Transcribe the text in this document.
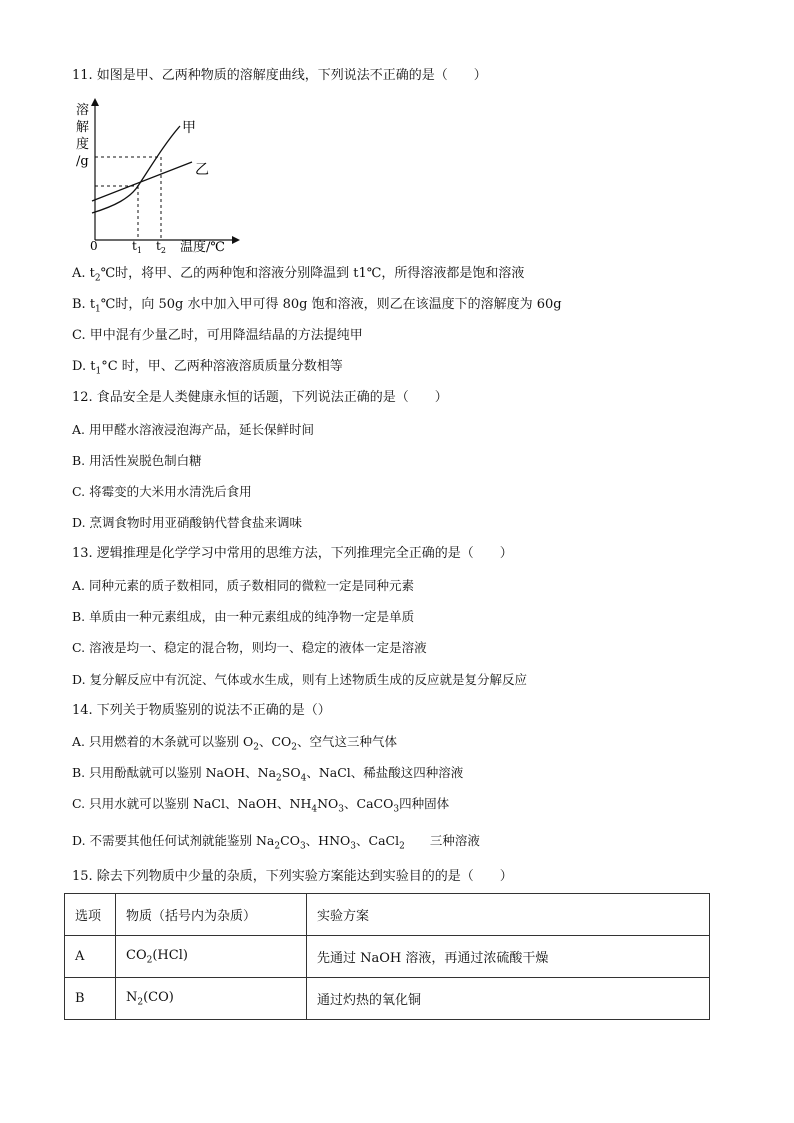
11. 如图是甲、乙两种物质的溶解度曲线，下列说法不正确的是（　　）
溶
解
度
/g
0	$t_1$ $t_2$ 温度/℃
甲
乙
A. $t_2℃$时，将甲、乙的两种饱和溶液分别降温到 t1℃，所得溶液都是饱和溶液
B. $t_1℃$时，向 50g 水中加入甲可得 80g 饱和溶液，则乙在该温度下的溶解度为 60g
C. 甲中混有少量乙时，可用降温结晶的方法提纯甲
D. $t_1^\circ C$ 时，甲、乙两种溶液溶质质量分数相等
12. 食品安全是人类健康永恒的话题，下列说法正确的是（　　）
A. 用甲醛水溶液浸泡海产品，延长保鲜时间
B. 用活性炭脱色制白糖
C. 将霉变的大米用水清洗后食用
D. 烹调食物时用亚硝酸钠代替食盐来调味
13. 逻辑推理是化学学习中常用的思维方法，下列推理完全正确的是（　　）
A. 同种元素的质子数相同，质子数相同的微粒一定是同种元素
B. 单质由一种元素组成，由一种元素组成的纯净物一定是单质
C. 溶液是均一、稳定的混合物，则均一、稳定的液体一定是溶液
D. 复分解反应中有沉淀、气体或水生成，则有上述物质生成的反应就是复分解反应
14. 下列关于物质鉴别的说法不正确的是（）
A. 只用燃着的木条就可以鉴别 $O_2$、$CO_2$、空气这三种气体
B. 只用酚酞就可以鉴别 NaOH、$Na_2SO_4$、NaCl、稀盐酸这四种溶液
C. 只用水就可以鉴别 NaCl、NaOH、$NH_4NO_3$、CaCO$_3$四种固体
D. 不需要其他任何试剂就能鉴别 $Na_2CO_3$、$HNO_3$、CaCl$_2$　　三种溶液
15. 除去下列物质中少量的杂质，下列实验方案能达到实验目的的是（　　）
选项	物质（括号内为杂质）	实验方案
A	$CO_2(HCl)$	先通过 NaOH 溶液，再通过浓硫酸干燥
B	$N_2(CO)$	通过灼热的氧化铜
